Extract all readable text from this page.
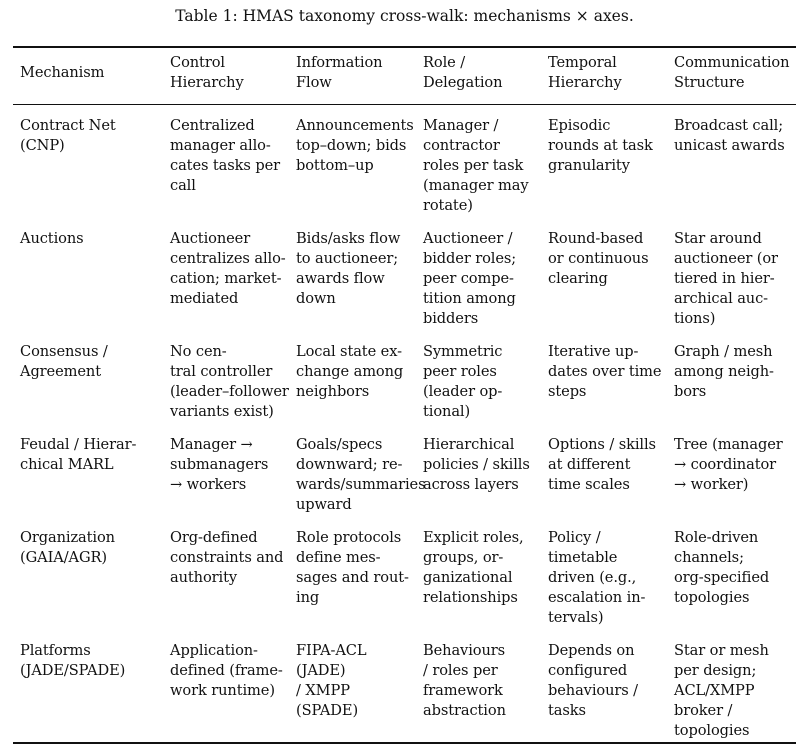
Table 1: HMAS taxonomy cross-walk: mechanisms × axes.
Mechanism
Control
Hierarchy
Information
Flow
Role /
Delegation
Temporal
Hierarchy
Communication
Structure
Contract Net
(CNP)
Centralized
manager allo-
cates tasks per
call
Announcements
top–down; bids
bottom–up
Manager /
contractor
roles per task
(manager may
rotate)
Episodic
rounds at task
granularity
Broadcast call;
unicast awards
Auctions	Auctioneer
centralizes allo-
cation; market-
mediated
Bids/asks flow
to auctioneer;
awards flow
down
Auctioneer /
bidder roles;
peer compe-
tition among
bidders
Round-based
or continuous
clearing
Star around
auctioneer (or
tiered in hier-
archical auc-
tions)
Consensus /
Agreement
No cen-
tral controller
(leader–follower
variants exist)
Local state ex-
change among
neighbors
Symmetric
peer roles
(leader op-
tional)
Iterative up-
dates over time
steps
Graph / mesh
among neigh-
bors
Feudal / Hierar-
chical MARL
Manager →
submanagers
→ workers
Goals/specs
downward; re-
wards/summaries
upward
Hierarchical
policies / skills
across layers
Options / skills
at different
time scales
Tree (manager
→ coordinator
→ worker)
Organization
(GAIA/AGR)
Org-defined
constraints and
authority
Role protocols
define mes-
sages and rout-
ing
Explicit roles,
groups, or-
ganizational
relationships
Policy /
timetable
driven (e.g.,
escalation in-
tervals)
Role-driven
channels;
org-specified
topologies
Platforms
(JADE/SPADE)
Application-
defined (frame-
work runtime)
FIPA-ACL
(JADE)
/ XMPP
(SPADE)
Behaviours
/ roles per
framework
abstraction
Depends on
configured
behaviours /
tasks
Star or mesh
per design;
ACL/XMPP
broker /
topologies
